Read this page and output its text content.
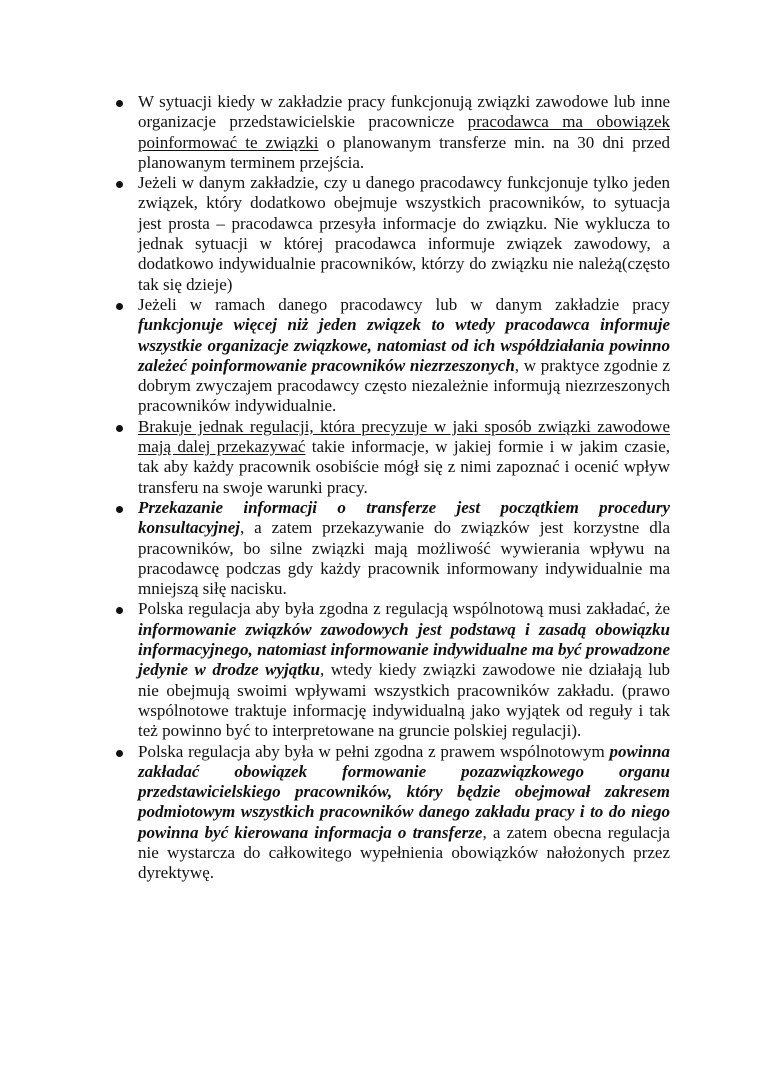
W sytuacji kiedy w zakładzie pracy funkcjonują związki zawodowe lub inne organizacje przedstawicielskie pracownicze pracodawca ma obowiązek poinformować te związki o planowanym transferze min. na 30 dni przed planowanym terminem przejścia.
Jeżeli w danym zakładzie, czy u danego pracodawcy funkcjonuje tylko jeden związek, który dodatkowo obejmuje wszystkich pracowników, to sytuacja jest prosta – pracodawca przesyła informacje do związku. Nie wyklucza to jednak sytuacji w której pracodawca informuje związek zawodowy, a dodatkowo indywidualnie pracowników, którzy do związku nie należą(często tak się dzieje)
Jeżeli w ramach danego pracodawcy lub w danym zakładzie pracy funkcjonuje więcej niż jeden związek to wtedy pracodawca informuje wszystkie organizacje związkowe, natomiast od ich współdziałania powinno zależeć poinformowanie pracowników niezrzeszonych, w praktyce zgodnie z dobrym zwyczajem pracodawcy często niezależnie informują niezrzeszonych pracowników indywidualnie.
Brakuje jednak regulacji, która precyzuje w jaki sposób związki zawodowe mają dalej przekazywać takie informacje, w jakiej formie i w jakim czasie, tak aby każdy pracownik osobiście mógł się z nimi zapoznać i ocenić wpływ transferu na swoje warunki pracy.
Przekazanie informacji o transferze jest początkiem procedury konsultacyjnej, a zatem przekazywanie do związków jest korzystne dla pracowników, bo silne związki mają możliwość wywierania wpływu na pracodawcę podczas gdy każdy pracownik informowany indywidualnie ma mniejszą siłę nacisku.
Polska regulacja aby była zgodna z regulacją wspólnotową musi zakładać, że informowanie związków zawodowych jest podstawą i zasadą obowiązku informacyjnego, natomiast informowanie indywidualne ma być prowadzone jedynie w drodze wyjątku, wtedy kiedy związki zawodowe nie działają lub nie obejmują swoimi wpływami wszystkich pracowników zakładu. (prawo wspólnotowe traktuje informację indywidualną jako wyjątek od reguły i tak też powinno być to interpretowane na gruncie polskiej regulacji).
Polska regulacja aby była w pełni zgodna z prawem wspólnotowym powinna zakładać obowiązek formowanie pozazwiązkowego organu przedstawicielskiego pracowników, który będzie obejmował zakresem podmiotowym wszystkich pracowników danego zakładu pracy i to do niego powinna być kierowana informacja o transferze, a zatem obecna regulacja nie wystarcza do całkowitego wypełnienia obowiązków nałożonych przez dyrektywę.
